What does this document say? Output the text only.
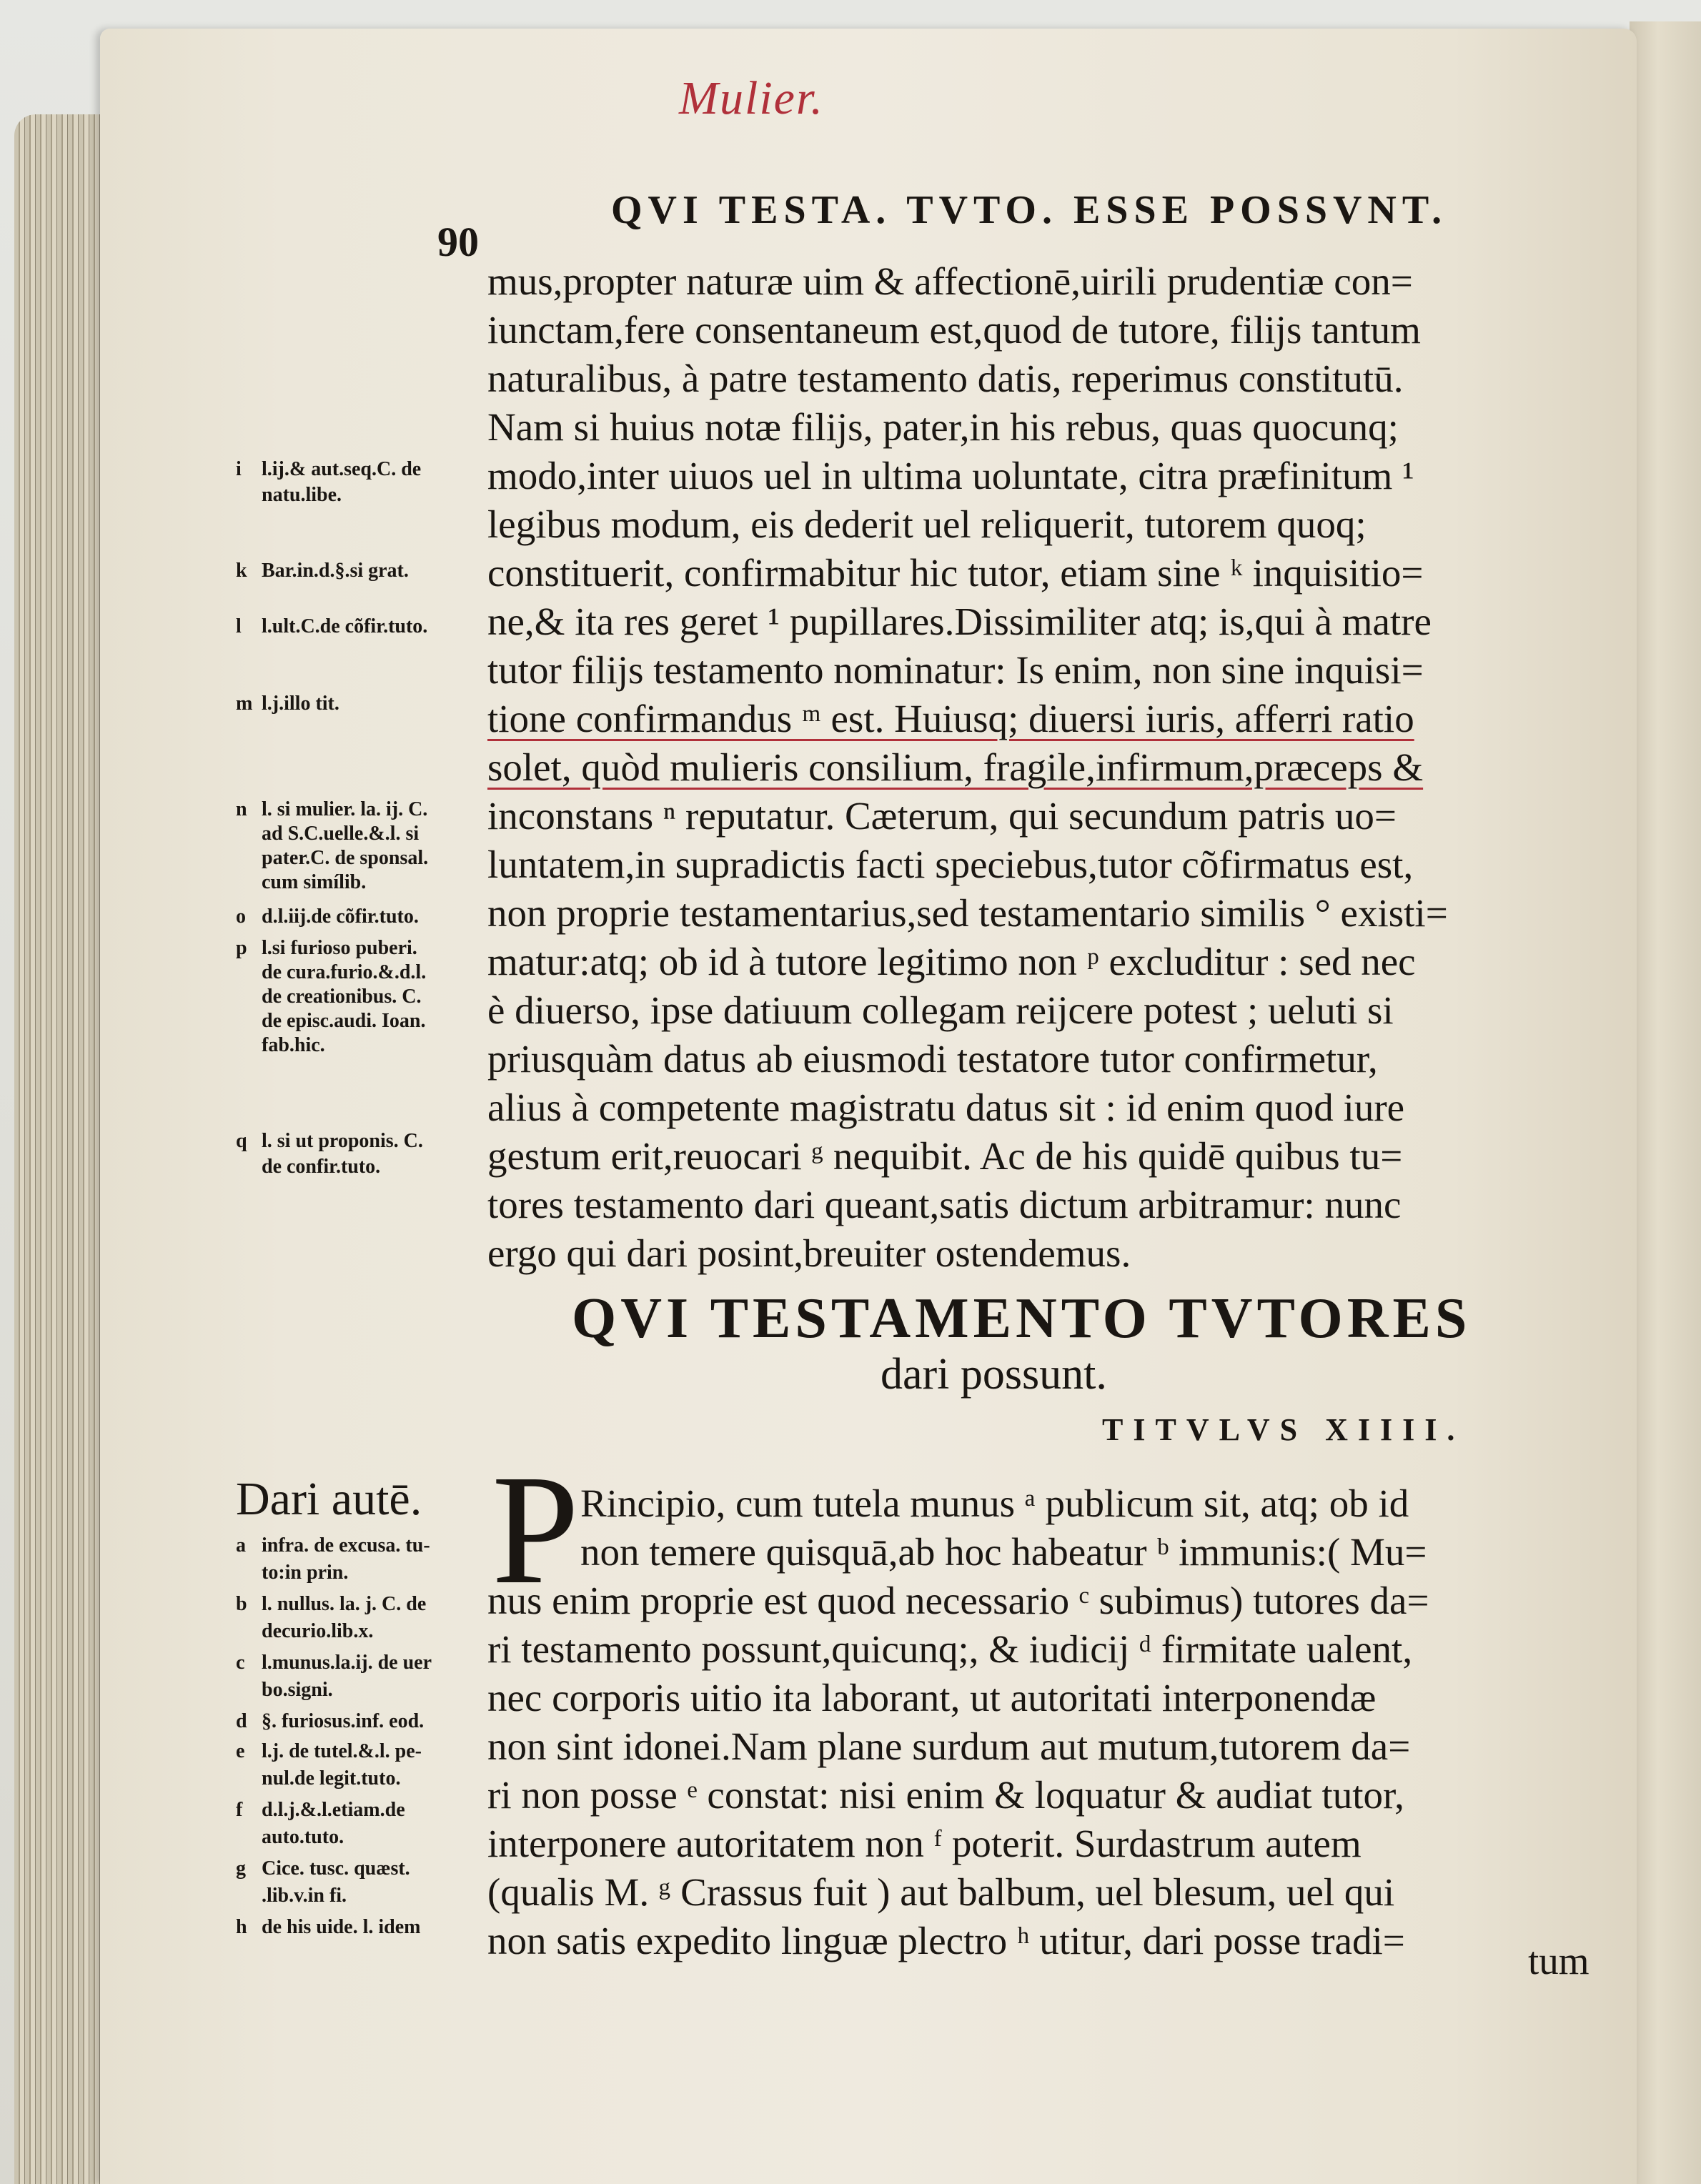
Mulier.
90
QVI TESTA. TVTO. ESSE POSSVNT.
mus,propter naturæ uim & affectionē,uirili prudentiæ con=
iunctam,fere consentaneum est,quod de tutore, filijs tantum
naturalibus, à patre testamento datis, reperimus constitutū.
Nam si huius notæ filijs, pater,in his rebus, quas quocunq;
modo,inter uiuos uel in ultima uoluntate, citra præfinitum ¹
legibus modum, eis dederit uel reliquerit, tutorem quoq;
constituerit, confirmabitur hic tutor, etiam sine ᵏ inquisitio=
ne,& ita res geret ¹ pupillares.Dissimiliter atq; is,qui à matre
tutor filijs testamento nominatur: Is enim, non sine inquisi=
tione confirmandus ᵐ est. Huiusq; diuersi iuris, afferri ratio
solet, quòd mulieris consilium, fragile,infirmum,præceps &
inconstans ⁿ reputatur. Cæterum, qui secundum patris uo=
luntatem,in supradictis facti speciebus,tutor cõfirmatus est,
non proprie testamentarius,sed testamentario similis ° existi=
matur:atq; ob id à tutore legitimo non ᵖ excluditur : sed nec
è diuerso, ipse datiuum collegam reijcere potest ; ueluti si
priusquàm datus ab eiusmodi testatore tutor confirmetur,
alius à competente magistratu datus sit : id enim quod iure
gestum erit,reuocari ᵍ nequibit. Ac de his quidē quibus tu=
tores testamento dari queant,satis dictum arbitramur: nunc
ergo qui dari posint,breuiter ostendemus.
i l.ij.& aut.seq.C. de
natu.libe.
k Bar.in.d.§.si grat.
l l.ult.C.de cõfir.tuto.
m l.j.illo tit.
n l. si mulier. la. ij. C.
ad S.C.uelle.&.l. si
pater.C. de sponsal.
cum simílib.
o d.l.iij.de cõfir.tuto.
p l.si furioso puberi.
de cura.furio.&.d.l.
de creationibus. C.
de episc.audi. Ioan.
fab.hic.
q l. si ut proponis. C.
de confir.tuto.
QVI TESTAMENTO TVTORES
dari possunt.
TITVLVS XIIII.
Dari autē. P Rincipio, cum tutela munus ᵃ publicum sit, atq; ob id
non temere quisquā,ab hoc habeatur ᵇ immunis:( Mu=
nus enim proprie est quod necessario ᶜ subimus) tutores da=
ri testamento possunt,quicunq;, & iudicij ᵈ firmitate ualent,
nec corporis uitio ita laborant, ut autoritati interponendæ
non sint idonei.Nam plane surdum aut mutum,tutorem da=
ri non posse ᵉ constat: nisi enim & loquatur & audiat tutor,
interponere autoritatem non ᶠ poterit. Surdastrum autem
(qualis M. ᵍ Crassus fuit ) aut balbum, uel blesum, uel qui
non satis expedito linguæ plectro ʰ utitur, dari posse tradi=	tum
a infra. de excusa. tu-
to:in prin.
b l. nullus. la. j. C. de
decurio.lib.x.
c l.munus.la.ij. de uer
bo.signi.
d §. furiosus.inf. eod.
e l.j. de tutel.&.l. pe-
nul.de legit.tuto.
f d.l.j.&.l.etiam.de
auto.tuto.
g Cice. tusc. quæst.
.lib.v.in fi.
h de his uide. l. idem
